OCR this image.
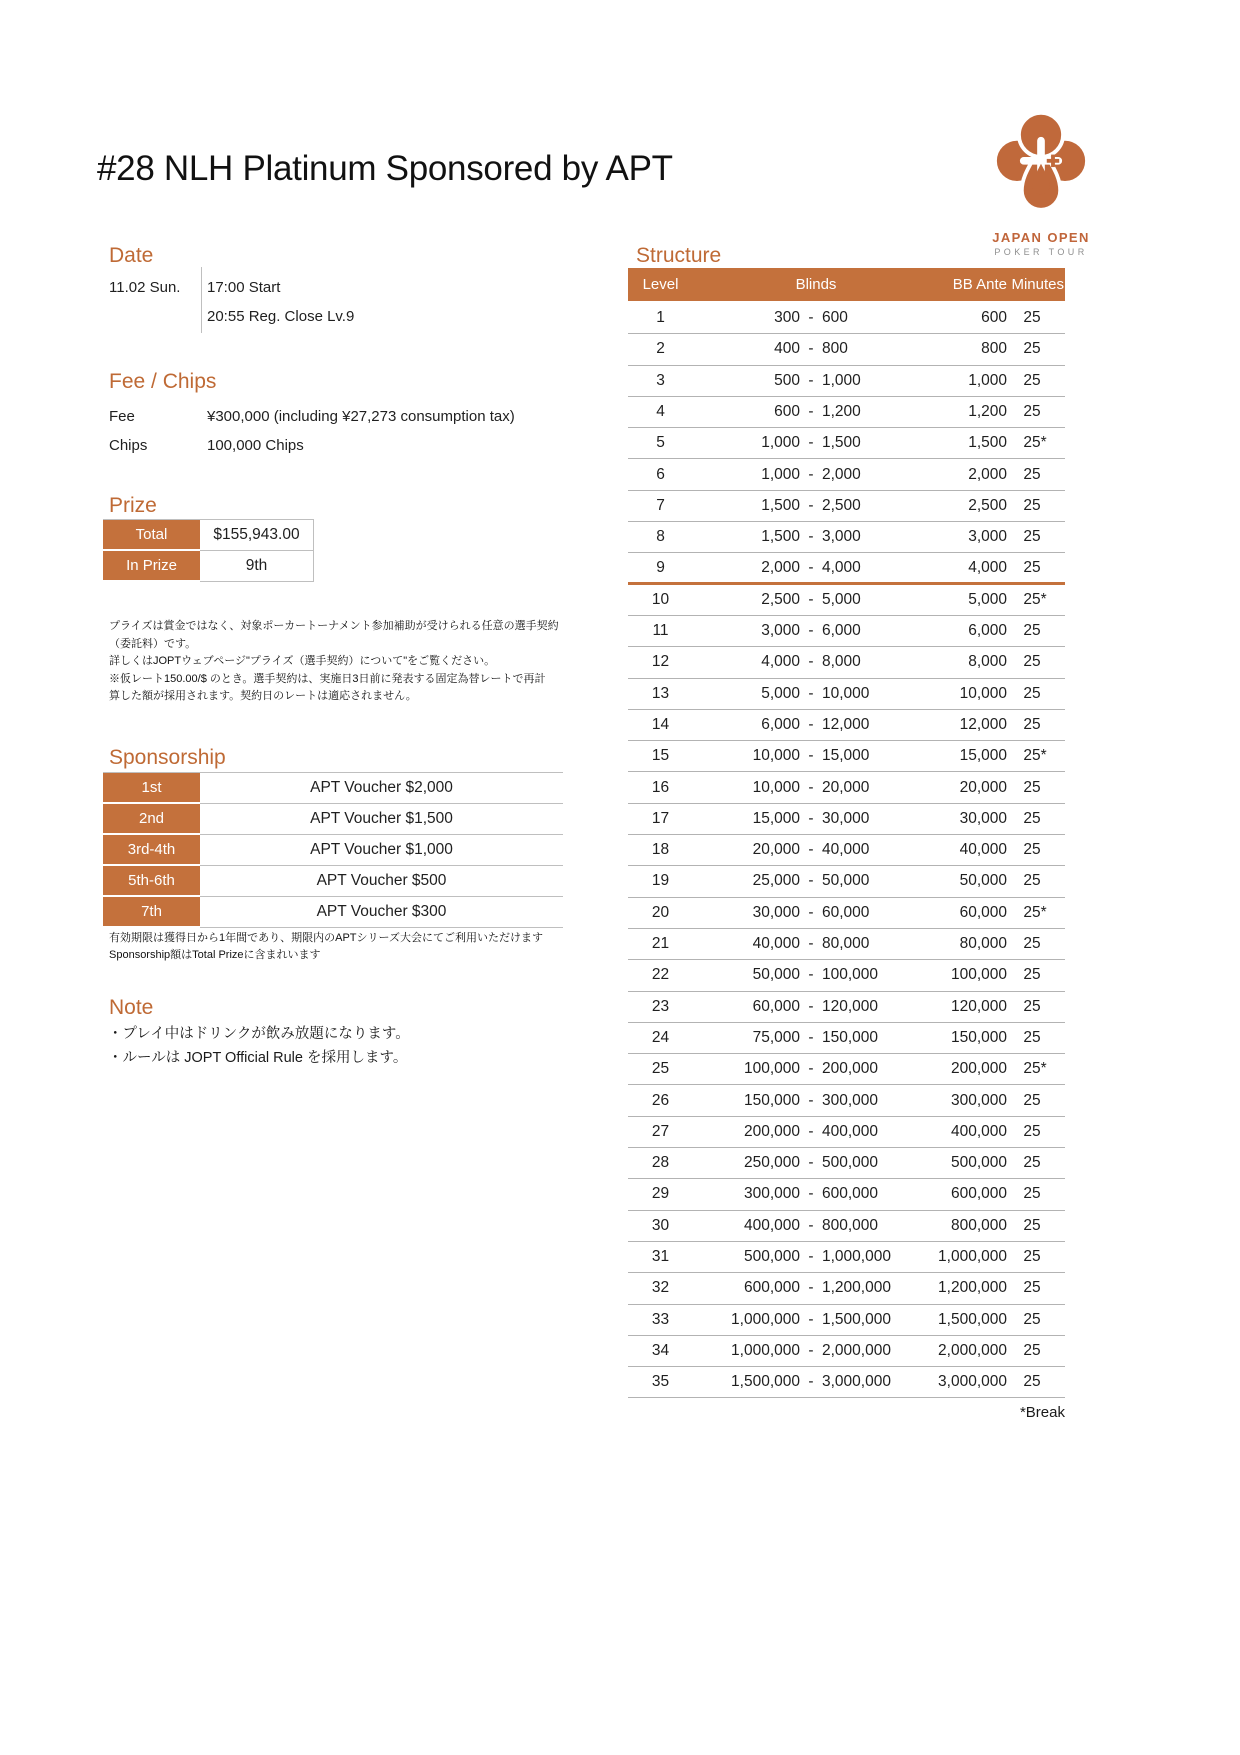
#28 NLH Platinum Sponsored by APT
JAPAN OPEN
POKER TOUR
Date
11.02 Sun. 17:00 Start
20:55 Reg. Close Lv.9
Fee / Chips
Fee	¥300,000 (including ¥27,273 consumption tax)
Chips	100,000 Chips
Prize
Total	$155,943.00
In Prize	9th
プライズは賞金ではなく、対象ポーカートーナメント参加補助が受けられる任意の選手契約
（委託料）です。
詳しくはJOPTウェブページ"プライズ（選手契約）について"をご覧ください。
※仮レート150.00/$ のとき。選手契約は、実施日3日前に発表する固定為替レートで再計
算した額が採用されます。契約日のレートは適応されません。
Sponsorship
1st	APT Voucher $2,000
2nd	APT Voucher $1,500
3rd-4th	APT Voucher $1,000
5th-6th	APT Voucher $500
7th	APT Voucher $300
有効期限は獲得日から1年間であり、期限内のAPTシリーズ大会にてご利用いただけます
Sponsorship額はTotal Prizeに含まれいます
Note
・プレイ中はドリンクが飲み放題になります。
・ルールは JOPT Official Rule を採用します。
Structure
Level	Blinds	BB Ante Minutes
1	300 - 600	600 25
2	400 - 800	800 25
3	500 - 1,000	1,000 25
4	600 - 1,200	1,200 25
5	1,000 - 1,500	1,500 25 *
6	1,000 - 2,000	2,000 25
7	1,500 - 2,500	2,500 25
8	1,500 - 3,000	3,000 25
9	2,000 - 4,000	4,000 25
10	2,500 - 5,000	5,000 25 *
11	3,000 - 6,000	6,000 25
12	4,000 - 8,000	8,000 25
13	5,000 - 10,000	10,000 25
14	6,000 - 12,000	12,000 25
15	10,000 - 15,000	15,000 25 *
16	10,000 - 20,000	20,000 25
17	15,000 - 30,000	30,000 25
18	20,000 - 40,000	40,000 25
19	25,000 - 50,000	50,000 25
20	30,000 - 60,000	60,000 25 *
21	40,000 - 80,000	80,000 25
22	50,000 - 100,000	100,000 25
23	60,000 - 120,000	120,000 25
24	75,000 - 150,000	150,000 25
25	100,000 - 200,000	200,000 25 *
26	150,000 - 300,000	300,000 25
27	200,000 - 400,000	400,000 25
28	250,000 - 500,000	500,000 25
29	300,000 - 600,000	600,000 25
30	400,000 - 800,000	800,000 25
31	500,000 - 1,000,000	1,000,000 25
32	600,000 - 1,200,000	1,200,000 25
33	1,000,000 - 1,500,000	1,500,000 25
34	1,000,000 - 2,000,000	2,000,000 25
35	1,500,000 - 3,000,000	3,000,000 25
*Break
